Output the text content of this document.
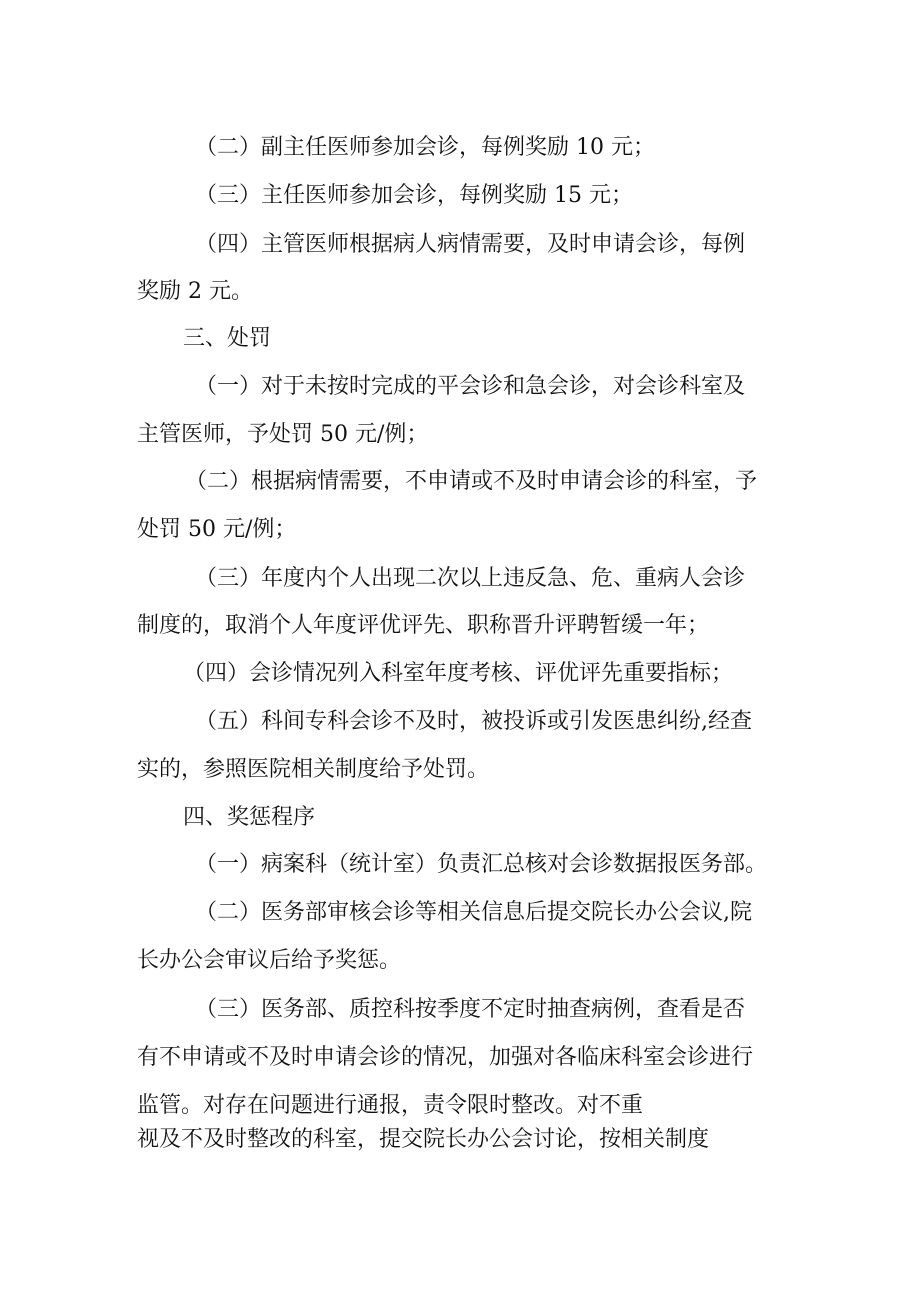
（二）副主任医师参加会诊，每例奖励 10 元；

（三）主任医师参加会诊，每例奖励 15 元；

（四）主管医师根据病人病情需要，及时申请会诊，每例

奖励 2 元。

三、处罚

（一）对于未按时完成的平会诊和急会诊，对会诊科室及

主管医师，予处罚 50 元/例；

（二）根据病情需要，不申请或不及时申请会诊的科室，予

处罚 50 元/例；

（三）年度内个人出现二次以上违反急、危、重病人会诊

制度的，取消个人年度评优评先、职称晋升评聘暂缓一年；

（四）会诊情况列入科室年度考核、评优评先重要指标；

（五）科间专科会诊不及时，被投诉或引发医患纠纷,经查

实的，参照医院相关制度给予处罚。

四、奖惩程序

（一）病案科（统计室）负责汇总核对会诊数据报医务部。

（二）医务部审核会诊等相关信息后提交院长办公会议,院

长办公会审议后给予奖惩。

（三）医务部、质控科按季度不定时抽查病例，查看是否

有不申请或不及时申请会诊的情况，加强对各临床科室会诊进行

监管。对存在问题进行通报，责令限时整改。对不重

视及不及时整改的科室，提交院长办公会讨论，按相关制度
